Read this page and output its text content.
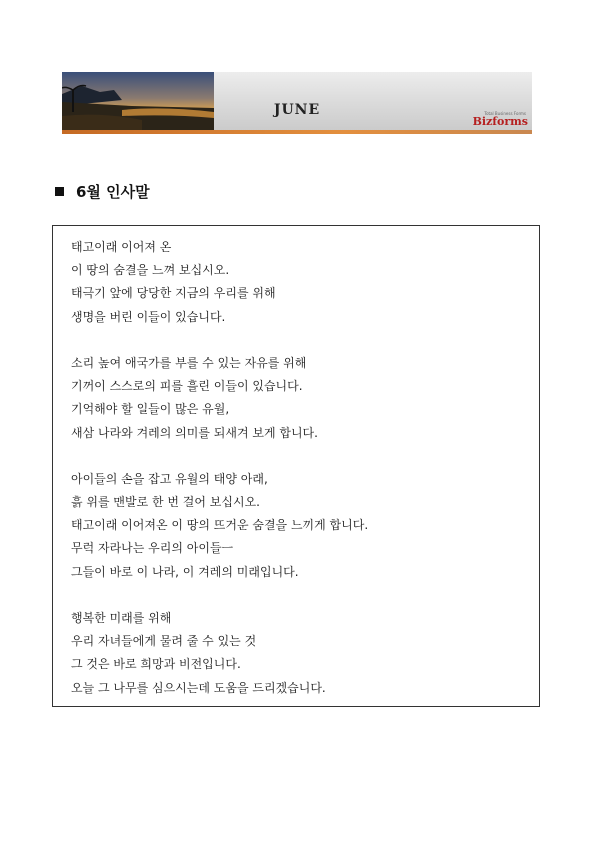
JUNE	Total Business Forms
Bizforms
6월 인사말
태고이래 이어져 온
이 땅의 숨결을 느껴 보십시오.
태극기 앞에 당당한 지금의 우리를 위해
생명을 버린 이들이 있습니다.
소리 높여 애국가를 부를 수 있는 자유를 위해
기꺼이 스스로의 피를 흘린 이들이 있습니다.
기억해야 할 일들이 많은 유월,
새삼 나라와 겨레의 의미를 되새겨 보게 합니다.
아이들의 손을 잡고 유월의 태양 아래,
흙 위를 맨발로 한 번 걸어 보십시오.
태고이래 이어져온 이 땅의 뜨거운 숨결을 느끼게 합니다.
무럭 자라나는 우리의 아이들ㅡ
그들이 바로 이 나라, 이 겨레의 미래입니다.
행복한 미래를 위해
우리 자녀들에게 물려 줄 수 있는 것
그 것은 바로 희망과 비전입니다.
오늘 그 나무를 심으시는데 도움을 드리겠습니다.
